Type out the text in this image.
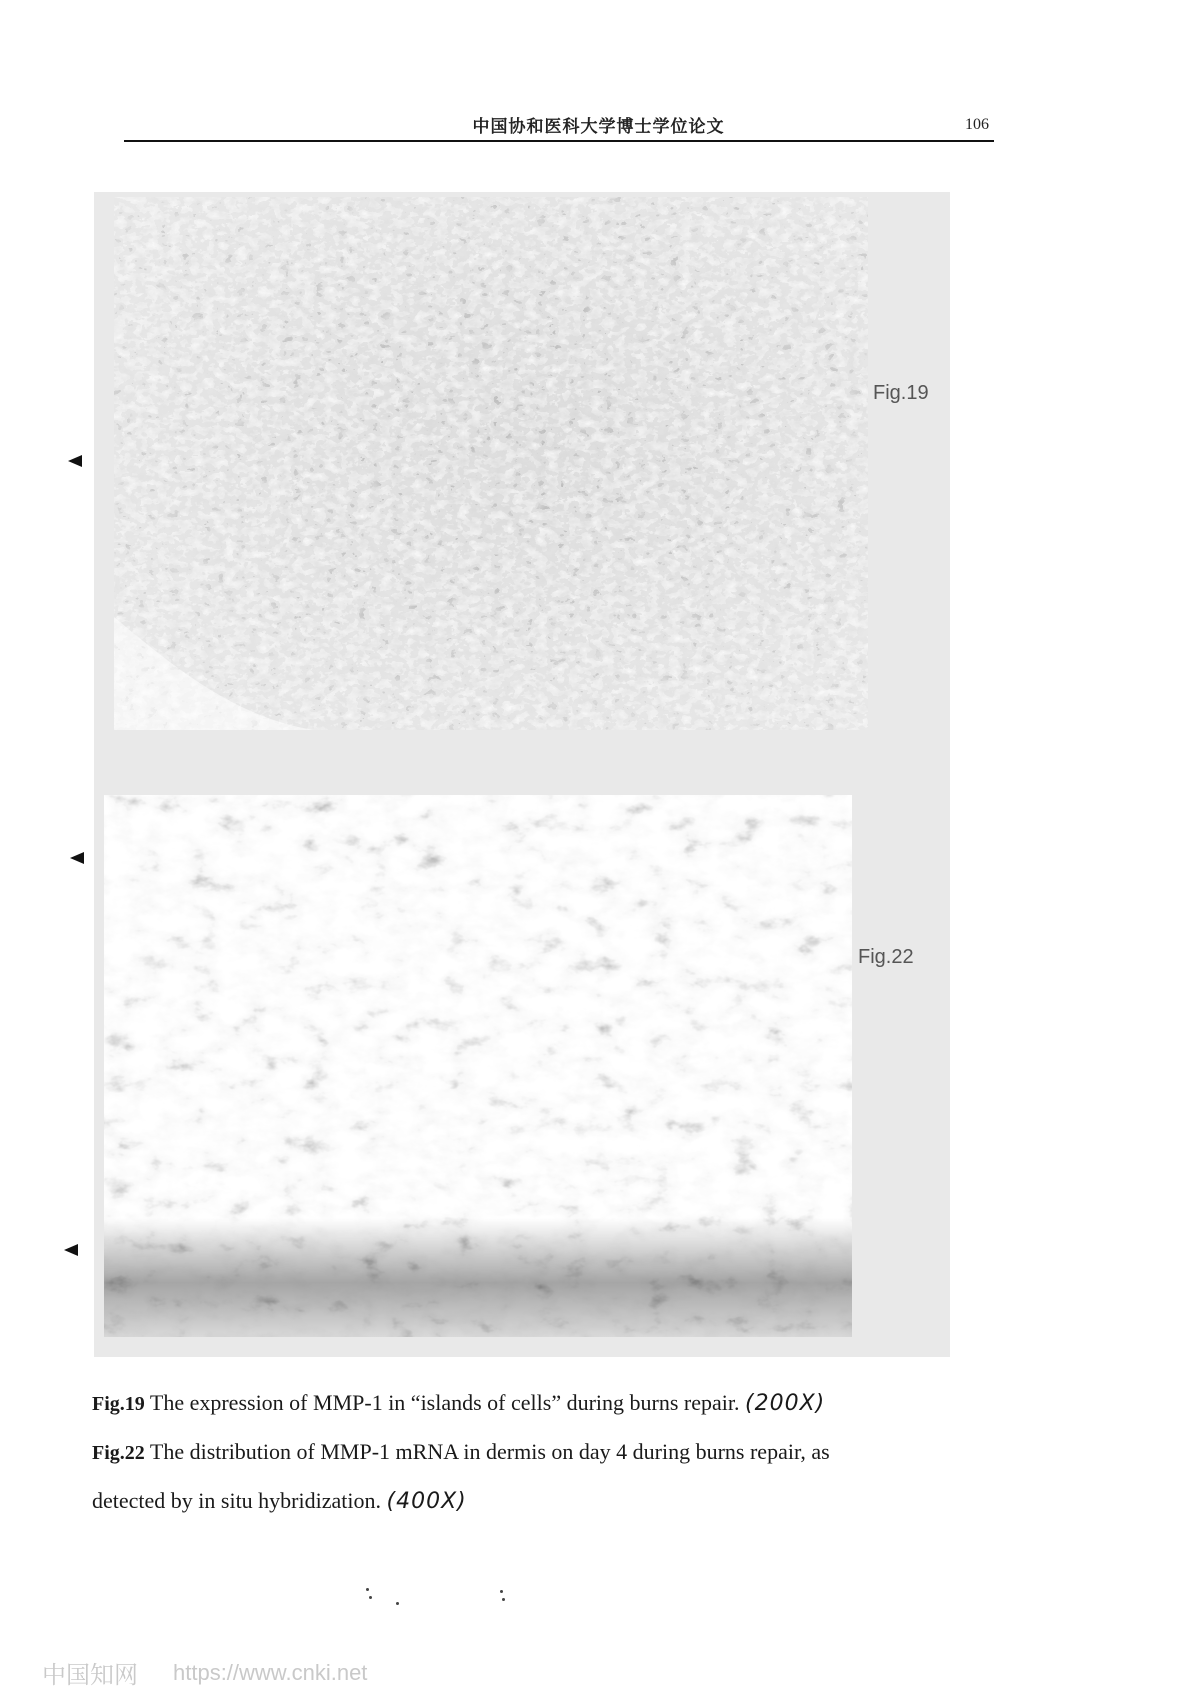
中国协和医科大学博士学位论文	106
Fig.19
Fig.22
Fig.19 The expression of MMP-1 in “islands of cells” during burns repair. (200X)
Fig.22 The distribution of MMP-1 mRNA in dermis on day 4 during burns repair, as
detected by in situ hybridization. (400X)
中国知网 https://www.cnki.net
